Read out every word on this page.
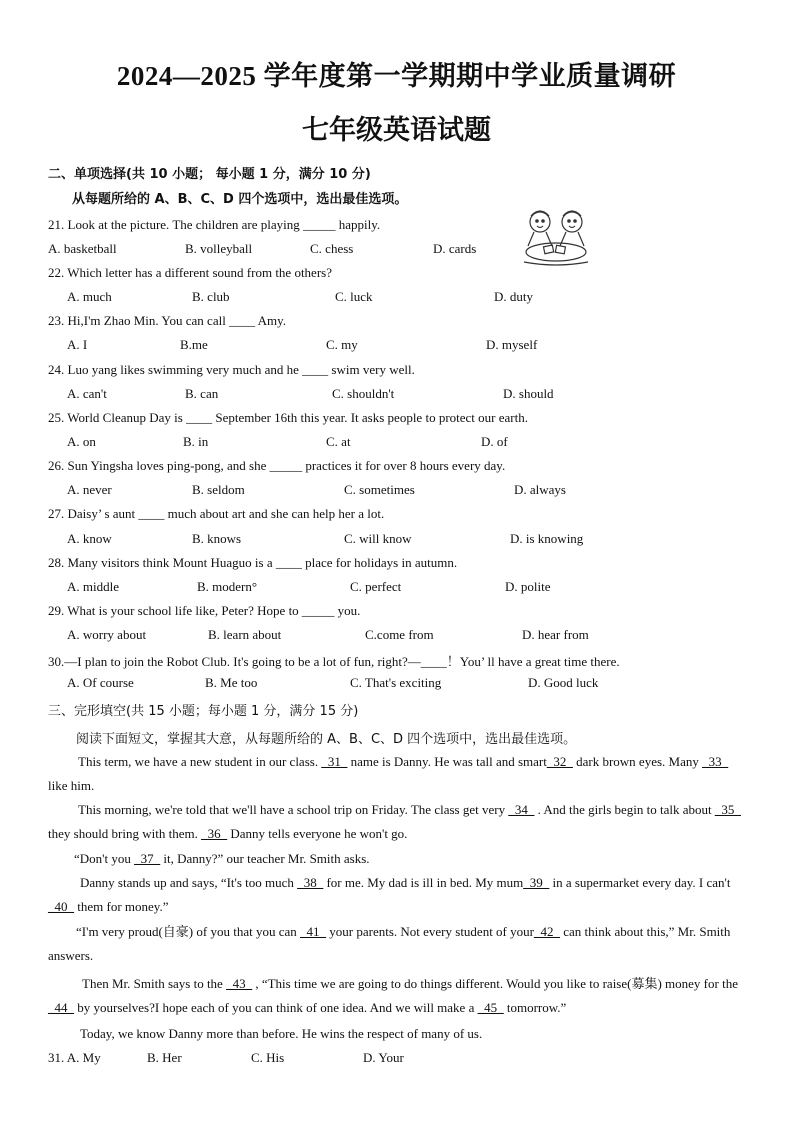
2024—2025 学年度第一学期期中学业质量调研
七年级英语试题
二、单项选择(共 10 小题； 每小题 1 分，满分 10 分)
从每题所给的 A、B、C、D 四个选项中，选出最佳选项。
21. Look at the picture. The children are playing _____ happily.
A. basketball	B. volleyball	C. chess	D. cards
22. Which letter has a different sound from the others?
A. much	B. club	C. luck	D. duty
23. Hi,I'm Zhao Min. You can call ____ Amy.
A. I	B.me	C. my	D. myself
24. Luo yang likes swimming very much and he ____ swim very well.
A. can't	B. can	C. shouldn't	D. should
25. World Cleanup Day is ____ September 16th this year. It asks people to protect our earth.
A. on	B. in	C. at	D. of
26. Sun Yingsha loves ping-pong, and she _____ practices it for over 8 hours every day.
A. never	B. seldom	C. sometimes	D. always
27. Daisy’ s aunt ____ much about art and she can help her a lot.
A. know	B. knows	C. will know	D. is knowing
28. Many visitors think Mount Huaguo is a ____ place for holidays in autumn.
A. middle	B. modern°	C. perfect	D. polite
29. What is your school life like, Peter? Hope to _____ you.
A. worry about	B. learn about	C.come from	D. hear from
30.—I plan to join the Robot Club. It's going to be a lot of fun, right?—____！You’ ll have a great time there.
A. Of course	B. Me too	C. That's exciting	D. Good luck
三、完形填空(共 15 小题；每小题 1 分，满分 15 分)
阅读下面短文，掌握其大意，从每题所给的 A、B、C、D 四个选项中，选出最佳选项。
This term, we have a new student in our class. _31_ name is Danny. He was tall and smart_32_ dark brown eyes. Many _33_ like him.
This morning, we're told that we'll have a school trip on Friday. The class get very _34_ . And the girls begin to talk about _35_ they should bring with them. _36_ Danny tells everyone he won't go.
“Don't you _37_ it, Danny?” our teacher Mr. Smith asks.
Danny stands up and says, “It's too much _38_ for me. My dad is ill in bed. My mum_39_ in a supermarket every day. I can't _40_ them for money.”
“I'm very proud(自豪) of you that you can _41_ your parents. Not every student of your_42_ can think about this,” Mr. Smith answers.
Then Mr. Smith says to the _43_ , “This time we are going to do things different. Would you like to raise(募集) money for the _44_ by yourselves?I hope each of you can think of one idea. And we will make a _45_ tomorrow.”
Today, we know Danny more than before. He wins the respect of many of us.
31. A. My	B. Her	C. His	D. Your
